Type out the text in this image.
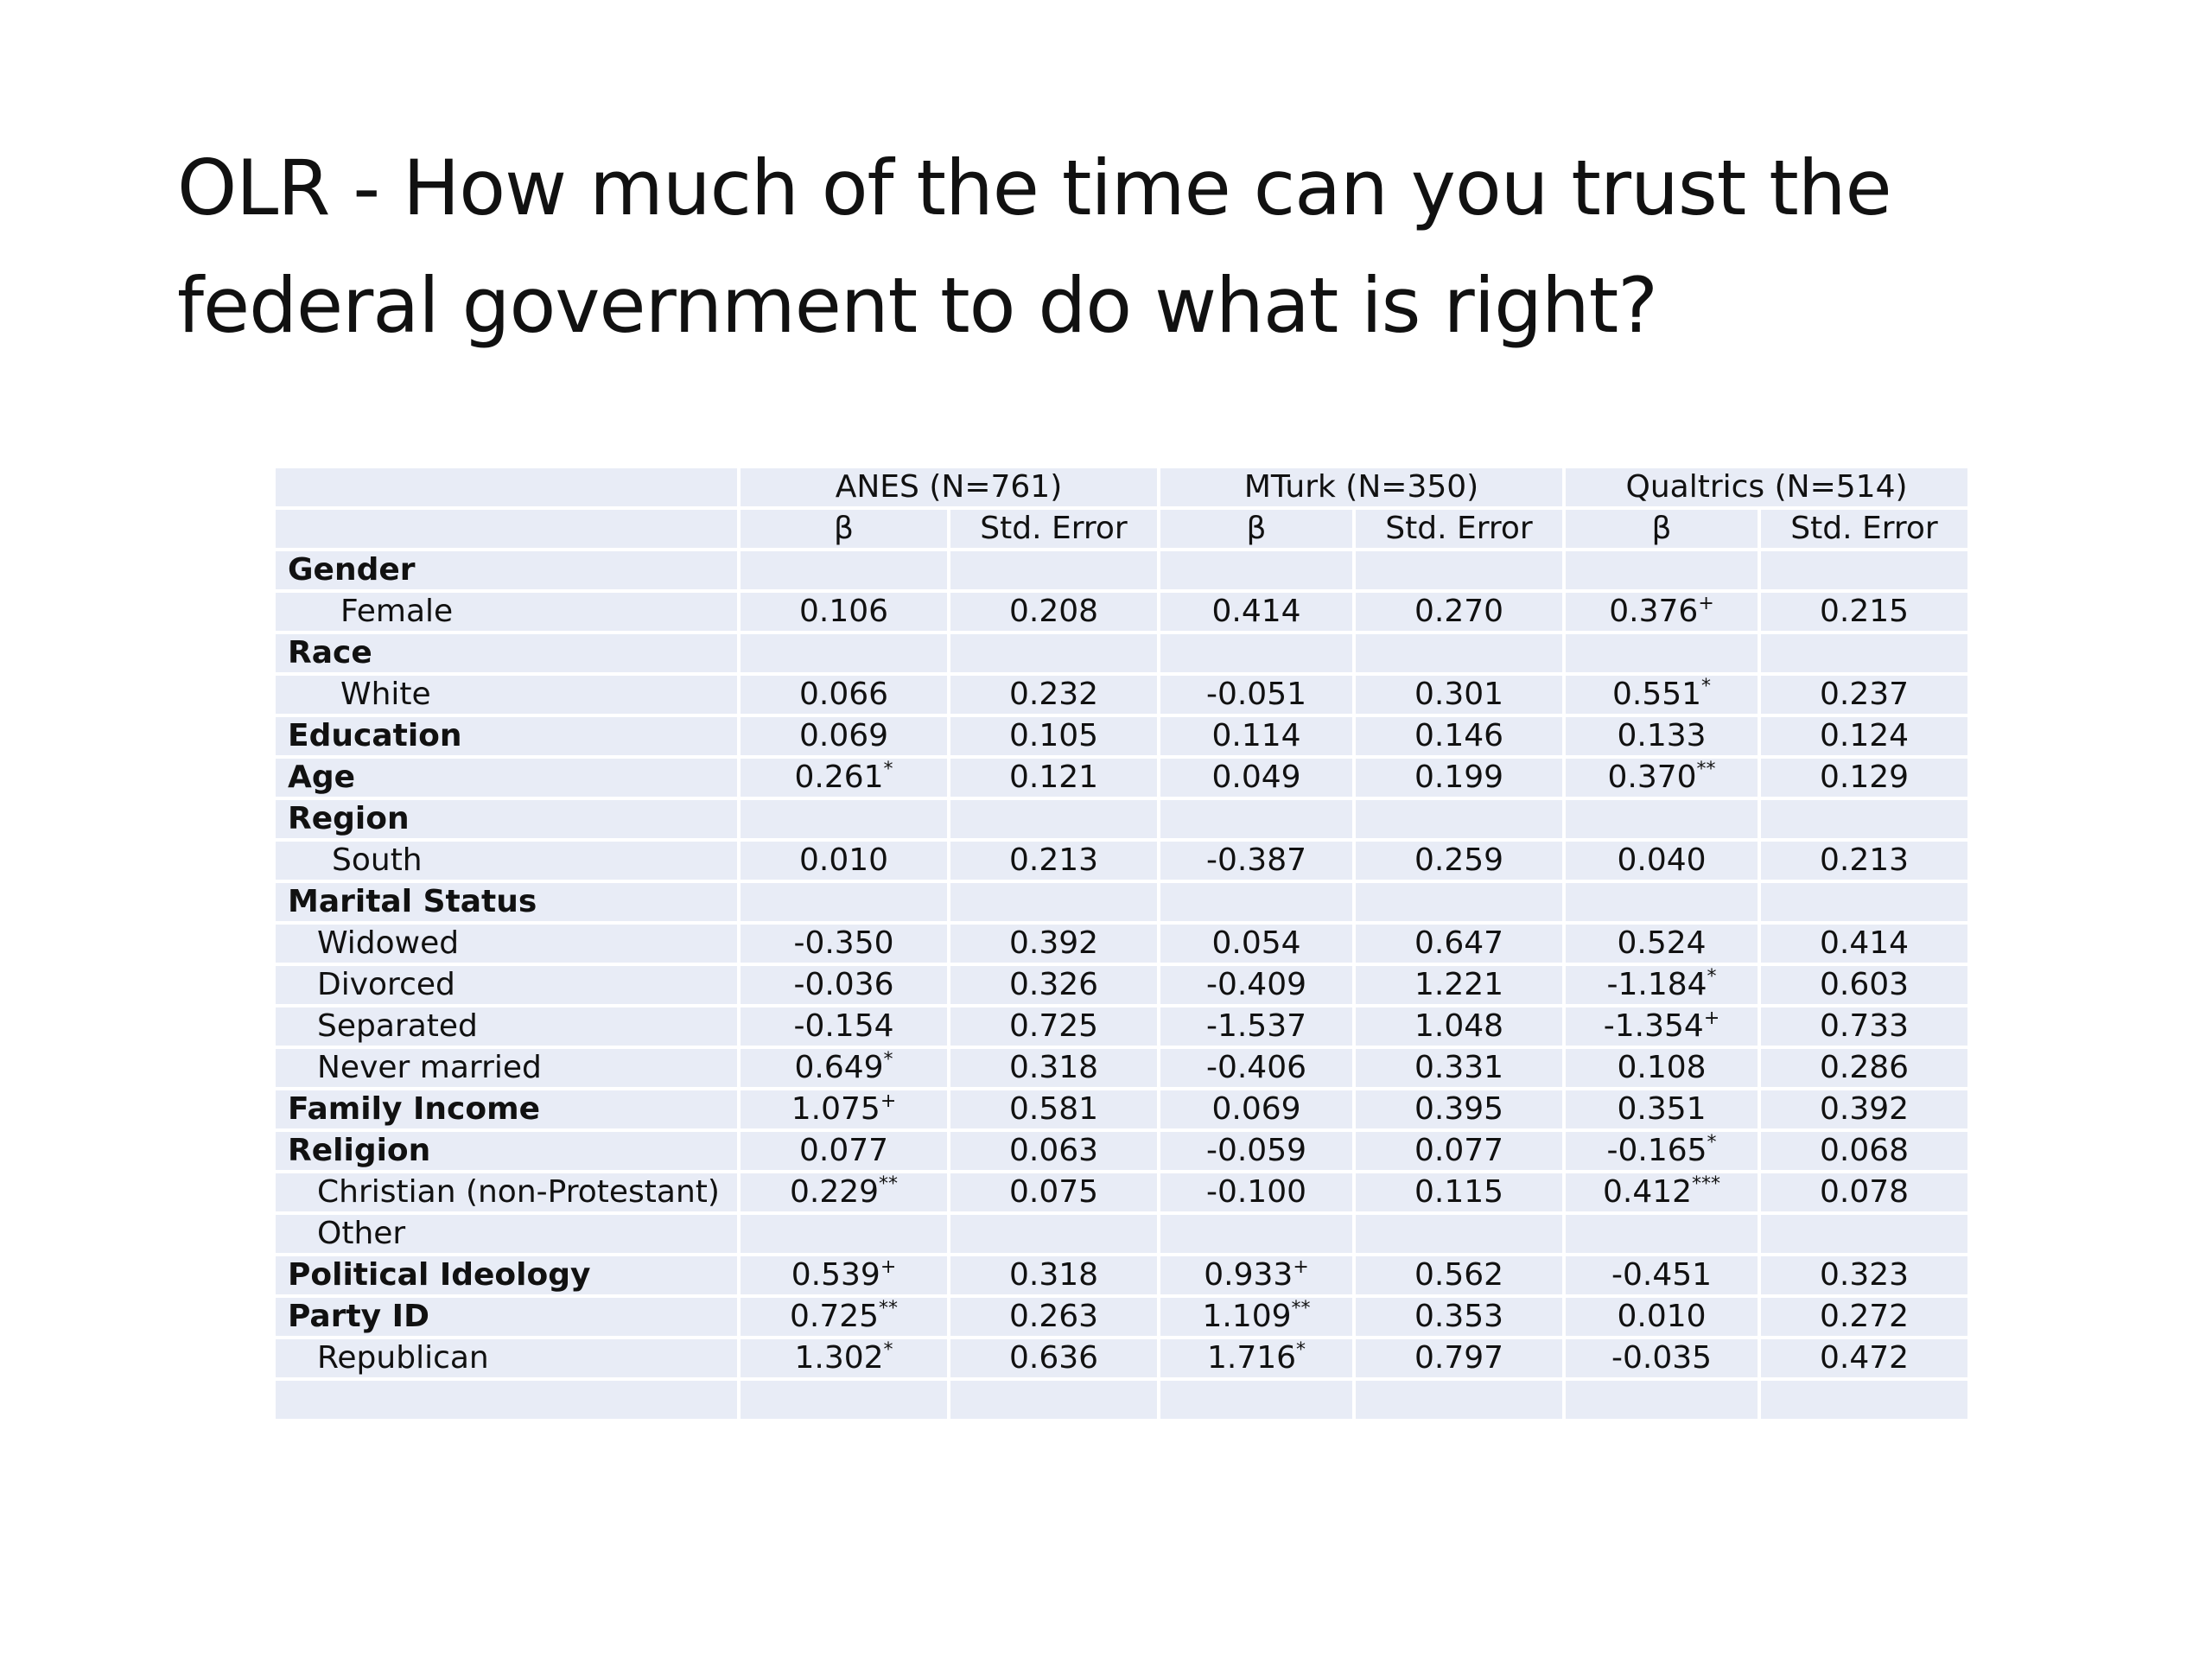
OLR - How much of the time can you trust the federal government to do what is right?
	ANES (N=761)		MTurk (N=350)		Qualtrics (N=514)	
	β	Std. Error	β	Std. Error	β	Std. Error
Gender						
Female	0.106	0.208	0.414	0.270	0.376+	0.215
Race						
White	0.066	0.232	-0.051	0.301	0.551*	0.237
Education	0.069	0.105	0.114	0.146	0.133	0.124
Age	0.261*	0.121	0.049	0.199	0.370**	0.129
Region						
South	0.010	0.213	-0.387	0.259	0.040	0.213
Marital Status						
Widowed	-0.350	0.392	0.054	0.647	0.524	0.414
Divorced	-0.036	0.326	-0.409	1.221	-1.184*	0.603
Separated	-0.154	0.725	-1.537	1.048	-1.354+	0.733
Never married	0.649*	0.318	-0.406	0.331	0.108	0.286
Family Income	1.075+	0.581	0.069	0.395	0.351	0.392
Religion	0.077	0.063	-0.059	0.077	-0.165*	0.068
Christian (non-Protestant)	0.229**	0.075	-0.100	0.115	0.412***	0.078
Other						
Political Ideology	0.539+	0.318	0.933+	0.562	-0.451	0.323
Party ID	0.725**	0.263	1.109**	0.353	0.010	0.272
Republican	1.302*	0.636	1.716*	0.797	-0.035	0.472
